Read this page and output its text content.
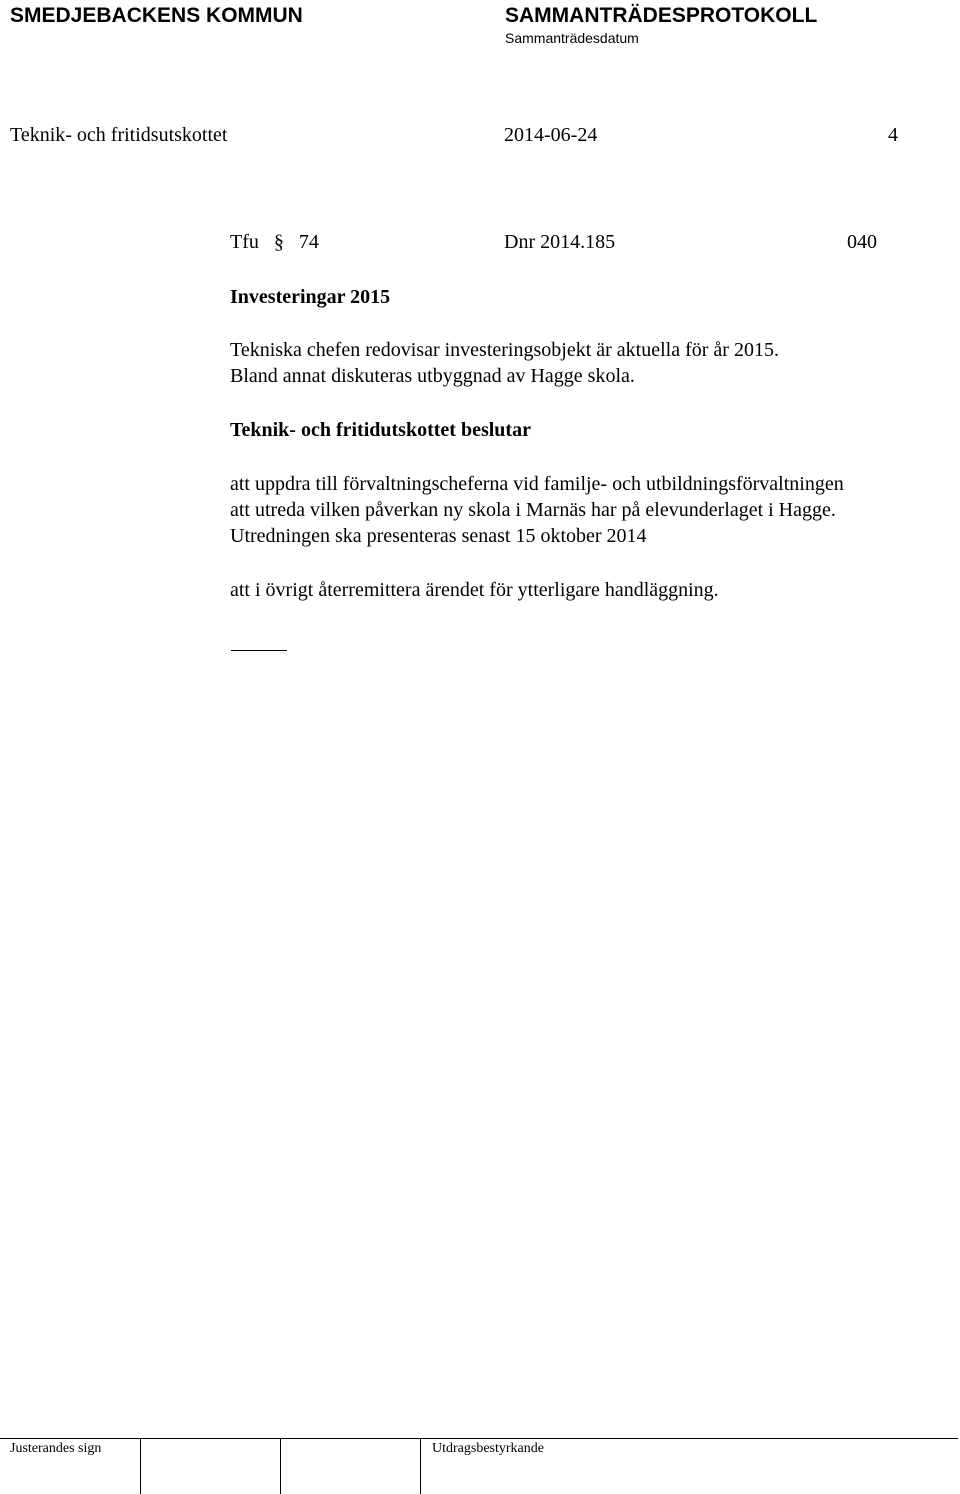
SMEDJEBACKENS KOMMUN	SAMMANTRÄDESPROTOKOLL
Sammanträdesdatum
Teknik- och fritidsutskottet	2014-06-24	4
Tfu § 74	Dnr 2014.185	040
Investeringar 2015
Tekniska chefen redovisar investeringsobjekt är aktuella för år 2015.
Bland annat diskuteras utbyggnad av Hagge skola.
Teknik- och fritidutskottet beslutar
att uppdra till förvaltningscheferna vid familje- och utbildningsförvaltningen
att utreda vilken påverkan ny skola i Marnäs har på elevunderlaget i Hagge.
Utredningen ska presenteras senast 15 oktober 2014
att i övrigt återremittera ärendet för ytterligare handläggning.
Justerandes sign	Utdragsbestyrkande
